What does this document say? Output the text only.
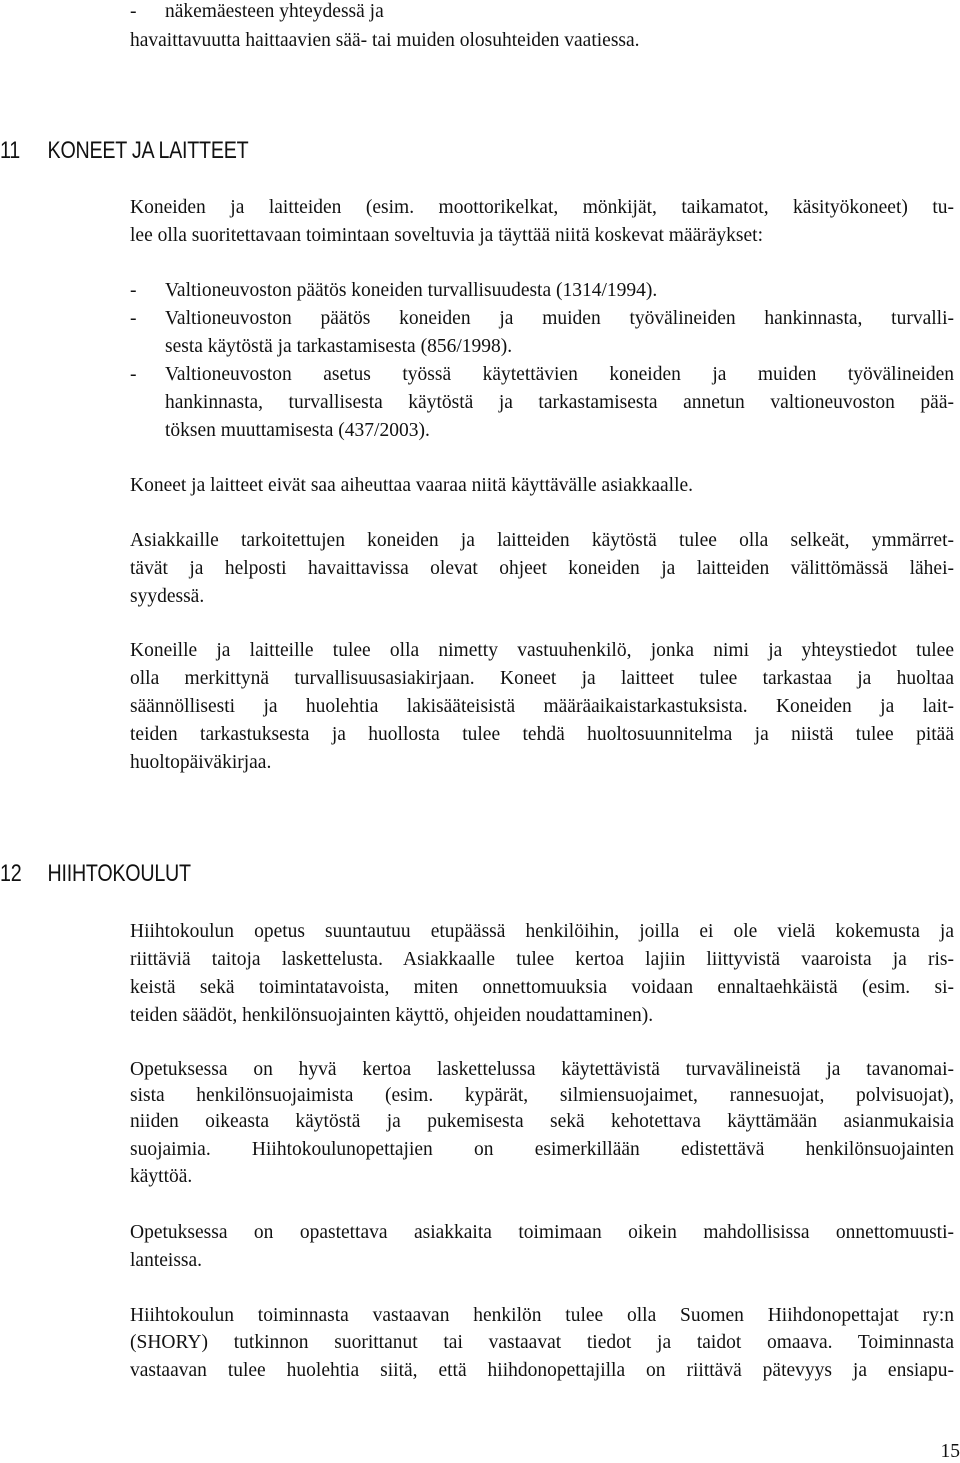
- näkemäesteen yhteydessä ja
havaittavuutta haittaavien sää- tai muiden olosuhteiden vaatiessa.
11 KONEET JA LAITTEET
Koneiden ja laitteiden (esim. moottorikelkat, mönkijät, taikamatot, käsityökoneet) tu-
lee olla suoritettavaan toimintaan soveltuvia ja täyttää niitä koskevat määräykset:
- Valtioneuvoston päätös koneiden turvallisuudesta (1314/1994).
- Valtioneuvoston päätös koneiden ja muiden työvälineiden hankinnasta, turvalli-
sesta käytöstä ja tarkastamisesta (856/1998).
- Valtioneuvoston asetus työssä käytettävien koneiden ja muiden työvälineiden
hankinnasta, turvallisesta käytöstä ja tarkastamisesta annetun valtioneuvoston pää-
töksen muuttamisesta (437/2003).
Koneet ja laitteet eivät saa aiheuttaa vaaraa niitä käyttävälle asiakkaalle.
Asiakkaille tarkoitettujen koneiden ja laitteiden käytöstä tulee olla selkeät, ymmärret-
tävät ja helposti havaittavissa olevat ohjeet koneiden ja laitteiden välittömässä lähei-
syydessä.
Koneille ja laitteille tulee olla nimetty vastuuhenkilö, jonka nimi ja yhteystiedot tulee
olla merkittynä turvallisuusasiakirjaan. Koneet ja laitteet tulee tarkastaa ja huoltaa
säännöllisesti ja huolehtia lakisääteisistä määräaikaistarkastuksista. Koneiden ja lait-
teiden tarkastuksesta ja huollosta tulee tehdä huoltosuunnitelma ja niistä tulee pitää
huoltopäiväkirjaa.
12 HIIHTOKOULUT
Hiihtokoulun opetus suuntautuu etupäässä henkilöihin, joilla ei ole vielä kokemusta ja
riittäviä taitoja laskettelusta. Asiakkaalle tulee kertoa lajiin liittyvistä vaaroista ja ris-
keistä sekä toimintatavoista, miten onnettomuuksia voidaan ennaltaehkäistä (esim. si-
teiden säädöt, henkilönsuojainten käyttö, ohjeiden noudattaminen).
Opetuksessa on hyvä kertoa laskettelussa käytettävistä turvavälineistä ja tavanomai-
sista henkilönsuojaimista (esim. kypärät, silmiensuojaimet, rannesuojat, polvisuojat),
niiden oikeasta käytöstä ja pukemisesta sekä kehotettava käyttämään asianmukaisia
suojaimia. Hiihtokoulunopettajien on esimerkillään edistettävä henkilönsuojainten
käyttöä.
Opetuksessa on opastettava asiakkaita toimimaan oikein mahdollisissa onnettomuusti-
lanteissa.
Hiihtokoulun toiminnasta vastaavan henkilön tulee olla Suomen Hiihdonopettajat ry:n
(SHORY) tutkinnon suorittanut tai vastaavat tiedot ja taidot omaava. Toiminnasta
vastaavan tulee huolehtia siitä, että hiihdonopettajilla on riittävä pätevyys ja ensiapu-
15
